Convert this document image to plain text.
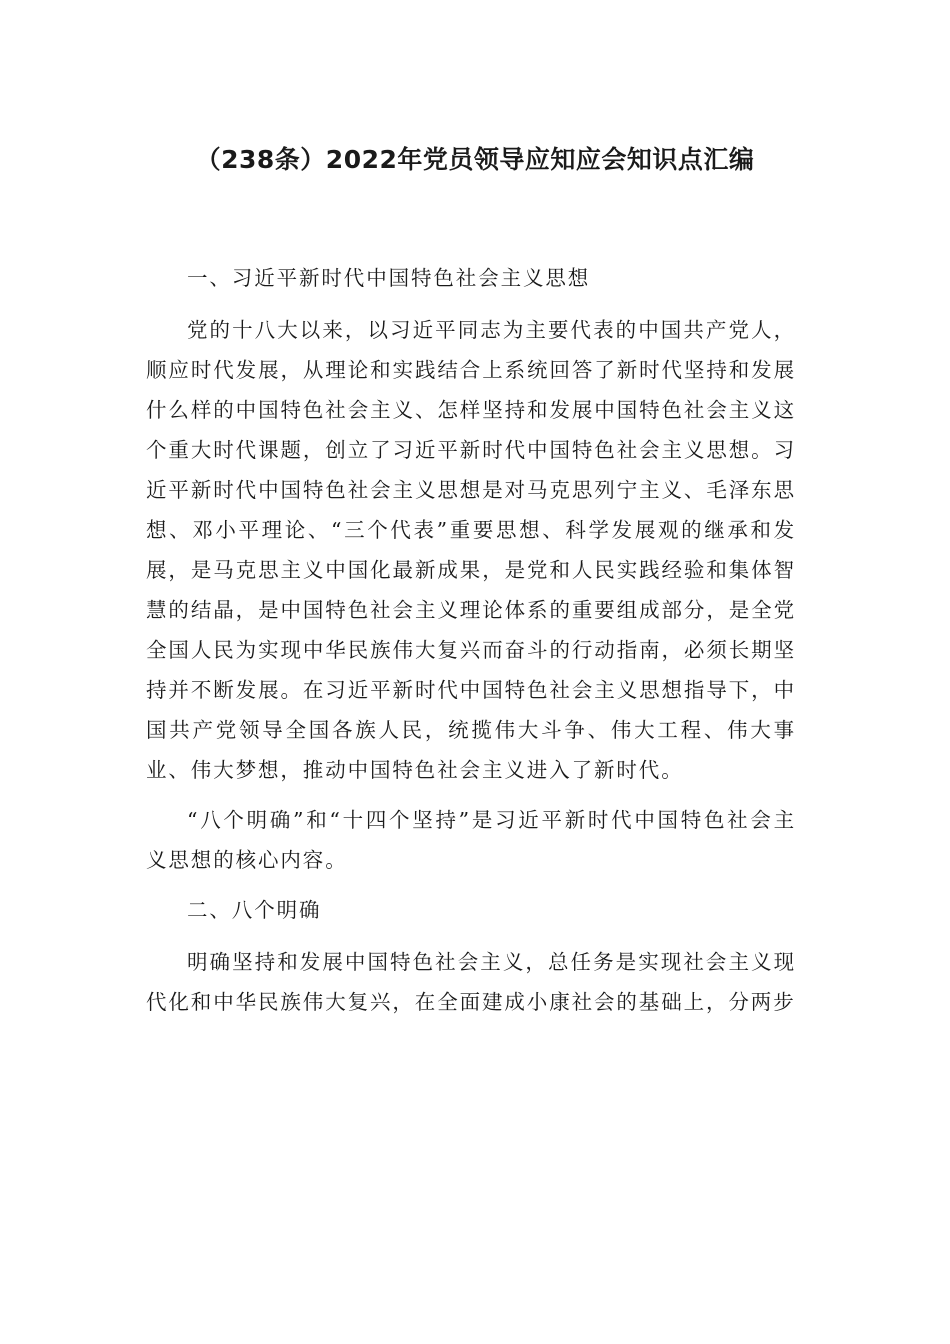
（238条）2022年党员领导应知应会知识点汇编

一、习近平新时代中国特色社会主义思想

党的十八大以来，以习近平同志为主要代表的中国共产党人，顺应时代发展，从理论和实践结合上系统回答了新时代坚持和发展什么样的中国特色社会主义、怎样坚持和发展中国特色社会主义这个重大时代课题，创立了习近平新时代中国特色社会主义思想。习近平新时代中国特色社会主义思想是对马克思列宁主义、毛泽东思想、邓小平理论、“三个代表”重要思想、科学发展观的继承和发展，是马克思主义中国化最新成果，是党和人民实践经验和集体智慧的结晶，是中国特色社会主义理论体系的重要组成部分，是全党全国人民为实现中华民族伟大复兴而奋斗的行动指南，必须长期坚持并不断发展。在习近平新时代中国特色社会主义思想指导下，中国共产党领导全国各族人民，统揽伟大斗争、伟大工程、伟大事业、伟大梦想，推动中国特色社会主义进入了新时代。

“八个明确”和“十四个坚持”是习近平新时代中国特色社会主义思想的核心内容。

二、八个明确

明确坚持和发展中国特色社会主义，总任务是实现社会主义现代化和中华民族伟大复兴，在全面建成小康社会的基础上，分两步
